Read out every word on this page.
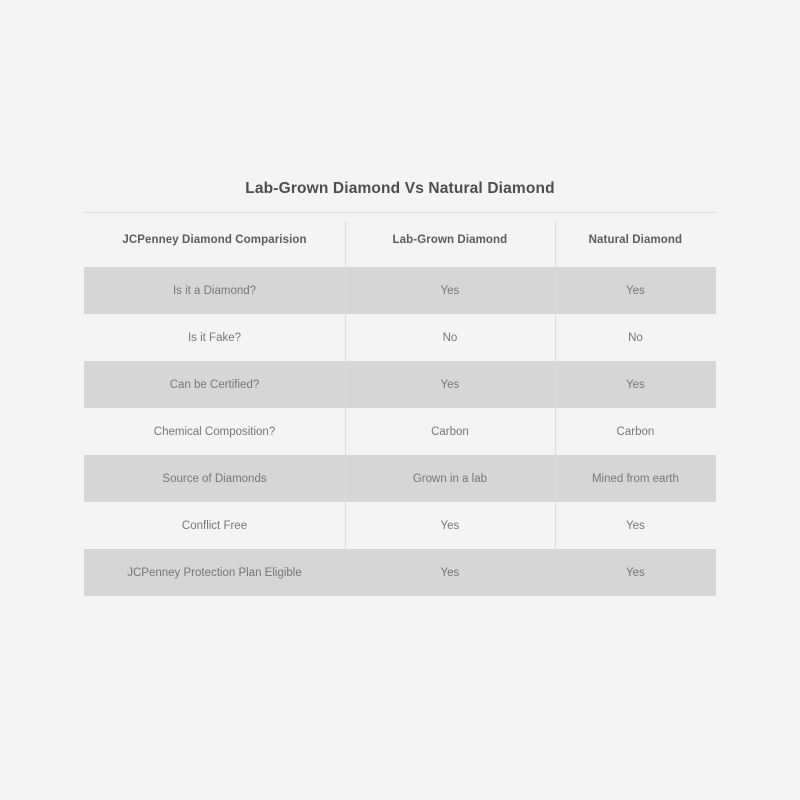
Lab-Grown Diamond Vs Natural Diamond
JCPenney Diamond Comparision	Lab-Grown Diamond	Natural Diamond
Is it a Diamond?	Yes	Yes
Is it Fake?	No	No
Can be Certified?	Yes	Yes
Chemical Composition?	Carbon	Carbon
Source of Diamonds	Grown in a lab	Mined from earth
Conflict Free	Yes	Yes
JCPenney Protection Plan Eligible	Yes	Yes
